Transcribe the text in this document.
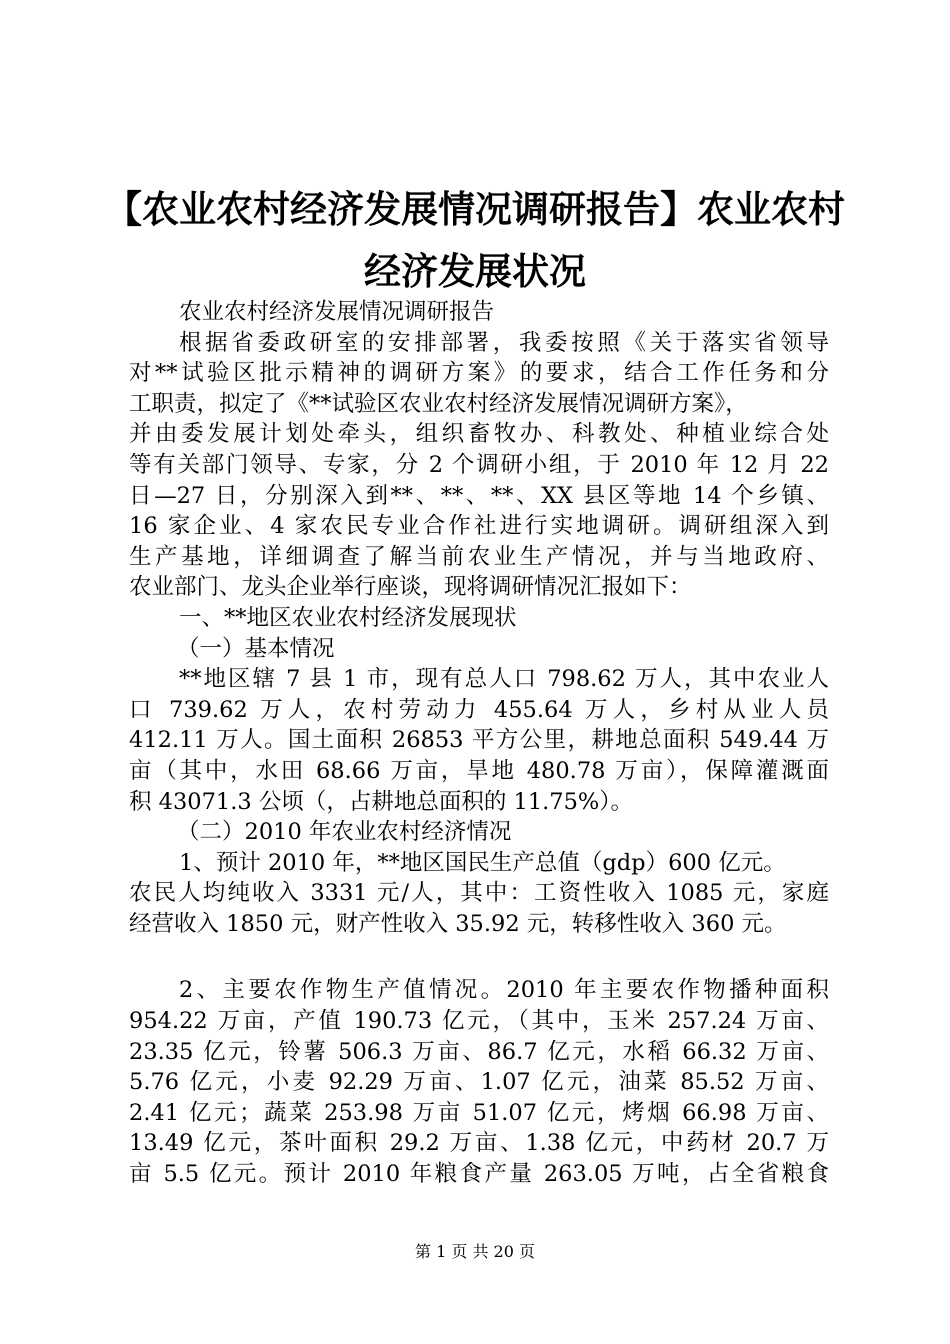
【农业农村经济发展情况调研报告】农业农村
经济发展状况
农业农村经济发展情况调研报告
根据省委政研室的安排部署，我委按照《关于落实省领导
对**试验区批示精神的调研方案》的要求，结合工作任务和分
工职责，拟定了《**试验区农业农村经济发展情况调研方案》，
并由委发展计划处牵头，组织畜牧办、科教处、种植业综合处
等有关部门领导、专家，分 2 个调研小组，于 2010 年 12 月 22
日—27 日，分别深入到**、**、**、XX 县区等地 14 个乡镇、
16 家企业、4 家农民专业合作社进行实地调研。调研组深入到
生产基地，详细调查了解当前农业生产情况，并与当地政府、
农业部门、龙头企业举行座谈，现将调研情况汇报如下：
一、**地区农业农村经济发展现状
（一）基本情况
**地区辖 7 县 1 市，现有总人口 798.62 万人，其中农业人
口 739.62 万人，农村劳动力 455.64 万人，乡村从业人员
412.11 万人。国土面积 26853 平方公里，耕地总面积 549.44 万
亩（其中，水田 68.66 万亩，旱地 480.78 万亩），保障灌溉面
积 43071.3 公顷（，占耕地总面积的 11.75%）。
（二）2010 年农业农村经济情况
1、预计 2010 年，**地区国民生产总值（gdp）600 亿元。
农民人均纯收入 3331 元/人，其中：工资性收入 1085 元，家庭
经营收入 1850 元，财产性收入 35.92 元，转移性收入 360 元。
2、主要农作物生产值情况。2010 年主要农作物播种面积
954.22 万亩，产值 190.73 亿元，（其中，玉米 257.24 万亩、
23.35 亿元，铃薯 506.3 万亩、86.7 亿元，水稻 66.32 万亩、
5.76 亿元，小麦 92.29 万亩、1.07 亿元，油菜 85.52 万亩、
2.41 亿元；蔬菜 253.98 万亩 51.07 亿元，烤烟 66.98 万亩、
13.49 亿元，茶叶面积 29.2 万亩、1.38 亿元，中药材 20.7 万
亩 5.5 亿元。预计 2010 年粮食产量 263.05 万吨，占全省粮食
第 1 页 共 20 页
